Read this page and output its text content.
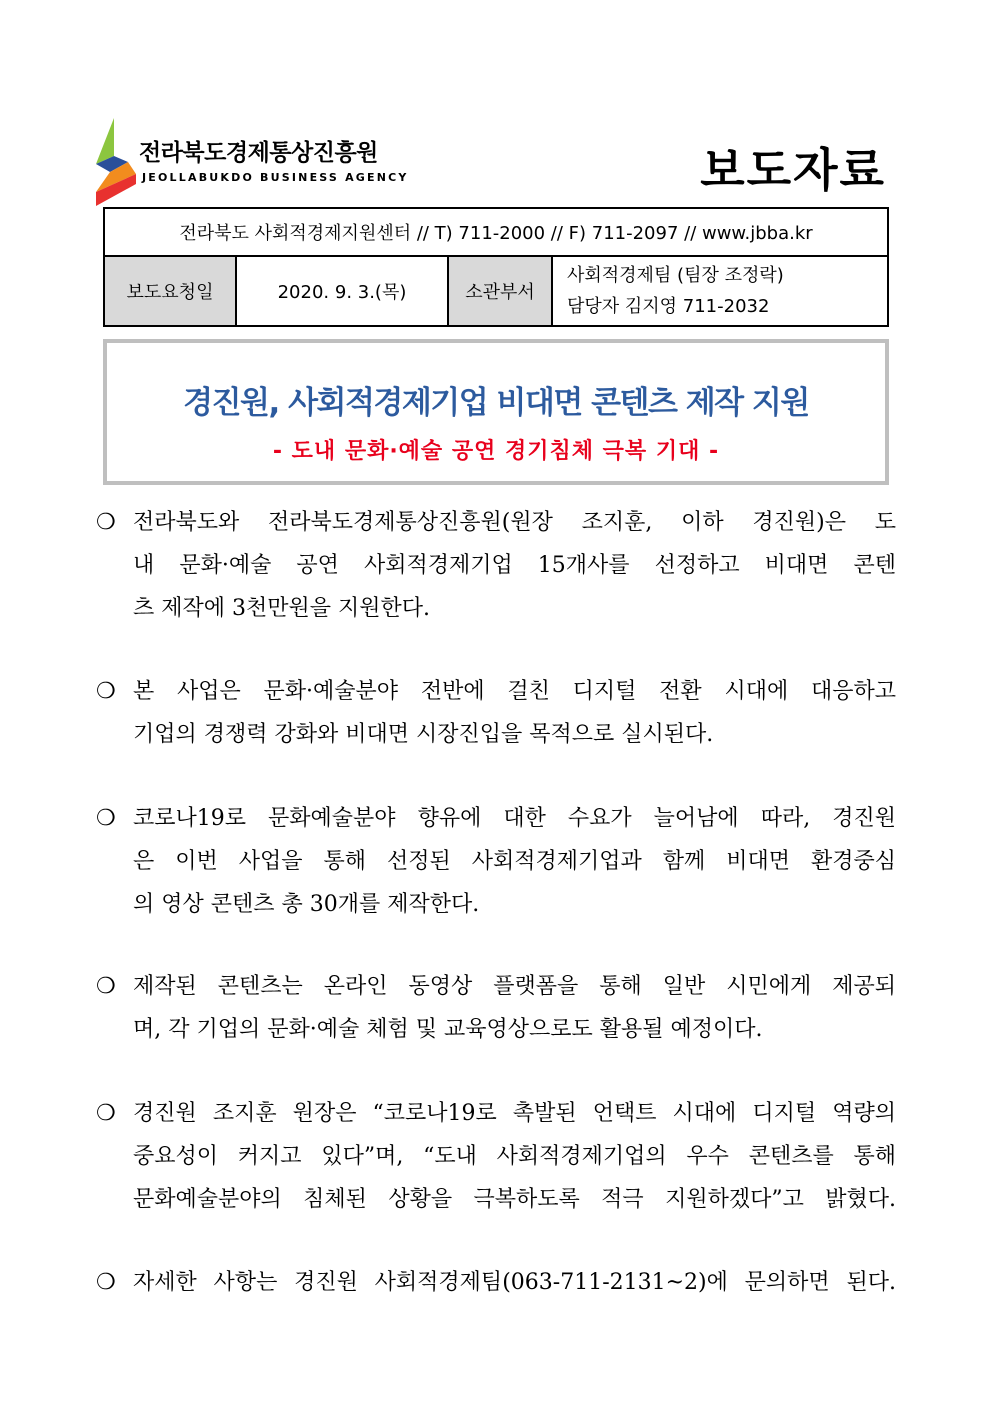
전라북도경제통상진흥원
JEOLLABUKDO BUSINESS AGENCY	보도자료
전라북도 사회적경제지원센터 // T) 711-2000 // F) 711-2097 // www.jbba.kr
보도요청일	2020. 9. 3.(목)	소관부서	
사회적경제팀 (팀장 조정락)
담당자 김지영 711-2032
경진원, 사회적경제기업 비대면 콘텐츠 제작 지원
- 도내 문화·예술 공연 경기침체 극복 기대 -
❍ 전라북도와 전라북도경제통상진흥원(원장 조지훈, 이하 경진원)은 도
내 문화·예술 공연 사회적경제기업 15개사를 선정하고 비대면 콘텐
츠 제작에 3천만원을 지원한다.
❍ 본 사업은 문화·예술분야 전반에 걸친 디지털 전환 시대에 대응하고
기업의 경쟁력 강화와 비대면 시장진입을 목적으로 실시된다.
❍ 코로나19로 문화예술분야 향유에 대한 수요가 늘어남에 따라, 경진원
은 이번 사업을 통해 선정된 사회적경제기업과 함께 비대면 환경중심
의 영상 콘텐츠 총 30개를 제작한다.
❍ 제작된 콘텐츠는 온라인 동영상 플랫폼을 통해 일반 시민에게 제공되
며, 각 기업의 문화·예술 체험 및 교육영상으로도 활용될 예정이다.
❍ 경진원 조지훈 원장은 “코로나19로 촉발된 언택트 시대에 디지털 역량의
중요성이 커지고 있다”며, “도내 사회적경제기업의 우수 콘텐츠를 통해
문화예술분야의 침체된 상황을 극복하도록 적극 지원하겠다”고 밝혔다.
❍ 자세한 사항는 경진원 사회적경제팀(063-711-2131~2)에 문의하면 된다.
